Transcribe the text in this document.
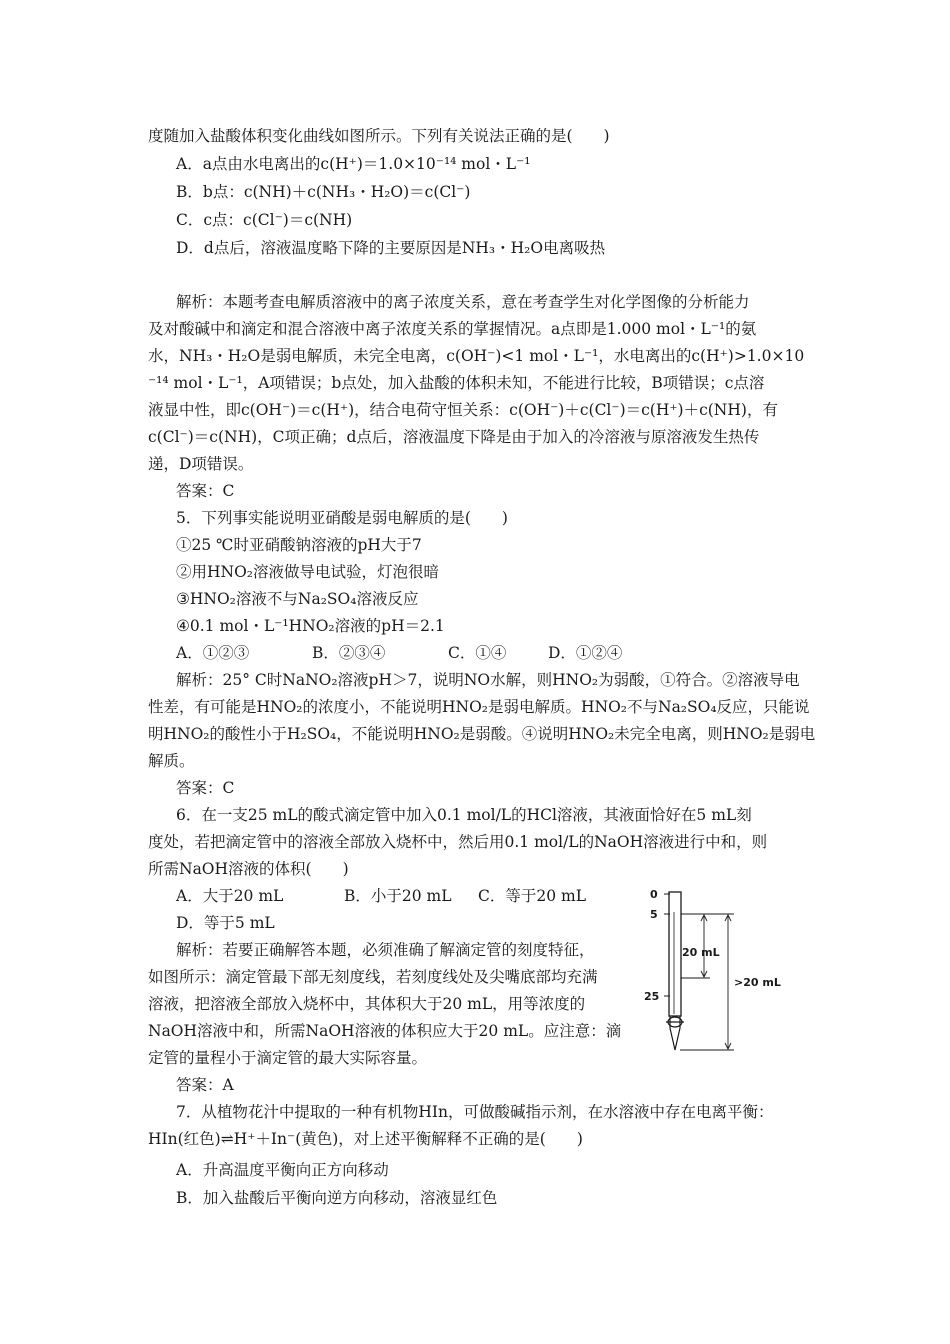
度随加入盐酸体积变化曲线如图所示。下列有关说法正确的是(　　)
A．a点由水电离出的c(H⁺)＝1.0×10⁻¹⁴ mol・L⁻¹
B．b点：c(NH)＋c(NH₃・H₂O)＝c(Cl⁻)
C．c点：c(Cl⁻)＝c(NH)
D．d点后，溶液温度略下降的主要原因是NH₃・H₂O电离吸热
解析：本题考查电解质溶液中的离子浓度关系，意在考查学生对化学图像的分析能力
及对酸碱中和滴定和混合溶液中离子浓度关系的掌握情况。a点即是1.000 mol・L⁻¹的氨
水，NH₃・H₂O是弱电解质，未完全电离，c(OH⁻)<1 mol・L⁻¹，水电离出的c(H⁺)>1.0×10
⁻¹⁴ mol・L⁻¹，A项错误；b点处，加入盐酸的体积未知，不能进行比较，B项错误；c点溶
液显中性，即c(OH⁻)＝c(H⁺)，结合电荷守恒关系：c(OH⁻)＋c(Cl⁻)＝c(H⁺)＋c(NH)，有
c(Cl⁻)＝c(NH)，C项正确；d点后，溶液温度下降是由于加入的冷溶液与原溶液发生热传
递，D项错误。
答案：C
5．下列事实能说明亚硝酸是弱电解质的是(　　)
①25 ℃时亚硝酸钠溶液的pH大于7
②用HNO₂溶液做导电试验，灯泡很暗
③HNO₂溶液不与Na₂SO₄溶液反应
④0.1 mol・L⁻¹HNO₂溶液的pH＝2.1
A．①②③	B．②③④	C．①④	D．①②④
解析：25° C时NaNO₂溶液pH＞7，说明NO水解，则HNO₂为弱酸，①符合。②溶液导电
性差，有可能是HNO₂的浓度小，不能说明HNO₂是弱电解质。HNO₂不与Na₂SO₄反应，只能说
明HNO₂的酸性小于H₂SO₄，不能说明HNO₂是弱酸。④说明HNO₂未完全电离，则HNO₂是弱电
解质。
答案：C
6．在一支25 mL的酸式滴定管中加入0.1 mol/L的HCl溶液，其液面恰好在5 mL刻
度处，若把滴定管中的溶液全部放入烧杯中，然后用0.1 mol/L的NaOH溶液进行中和，则
所需NaOH溶液的体积(　　)
A．大于20 mL	B．小于20 mL C．等于20 mL
D．等于5 mL
解析：若要正确解答本题，必须准确了解滴定管的刻度特征，
如图所示：滴定管最下部无刻度线，若刻度线处及尖嘴底部均充满
溶液，把溶液全部放入烧杯中，其体积大于20 mL，用等浓度的
NaOH溶液中和，所需NaOH溶液的体积应大于20 mL。应注意：滴
定管的量程小于滴定管的最大实际容量。
答案：A
0
5
25
20 mL
>20 mL
7．从植物花汁中提取的一种有机物HIn，可做酸碱指示剂，在水溶液中存在电离平衡：
HIn(红色)⇌H⁺＋In⁻(黄色)，对上述平衡解释不正确的是(　　)
A．升高温度平衡向正方向移动
B．加入盐酸后平衡向逆方向移动，溶液显红色
